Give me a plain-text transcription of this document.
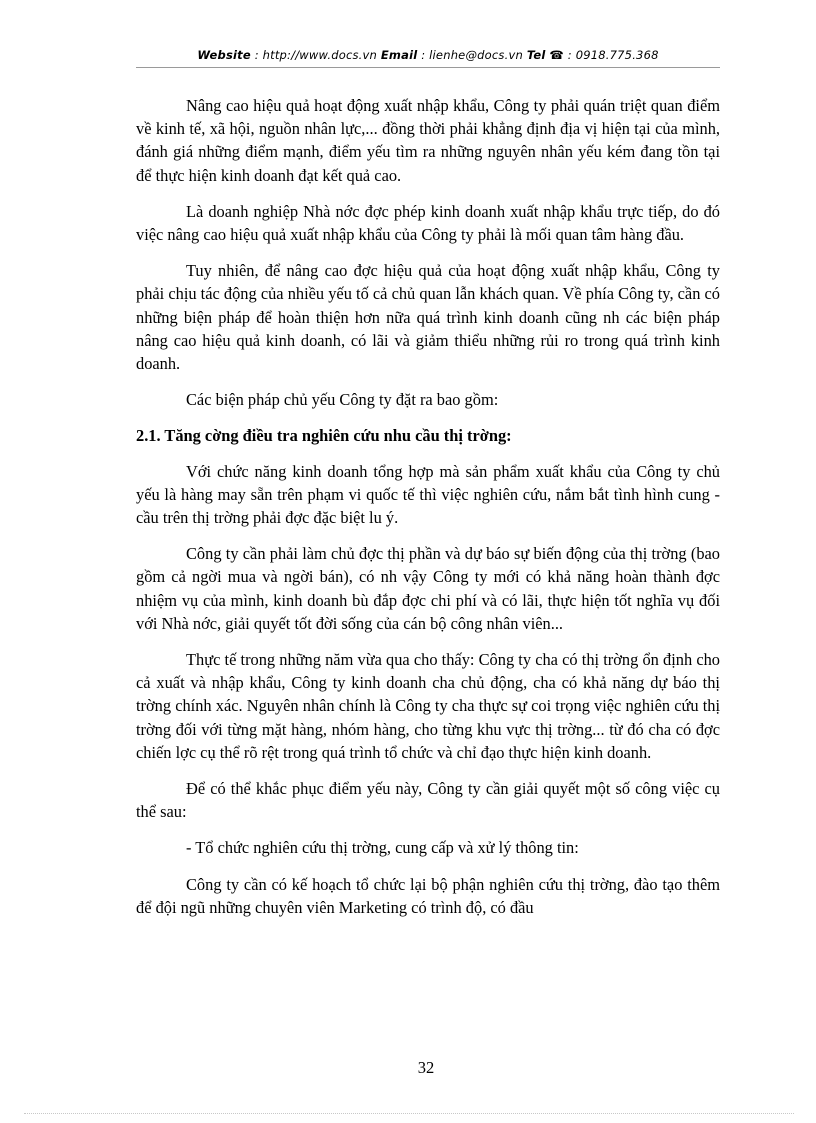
Website : http://www.docs.vn Email : lienhe@docs.vn Tel ☎ : 0918.775.368

Nâng cao hiệu quả hoạt động xuất nhập khẩu, Công ty phải quán triệt quan điểm về kinh tế, xã hội, nguồn nhân lực,... đồng thời phải khẳng định địa vị hiện tại của mình, đánh giá những điểm mạnh, điểm yếu tìm ra những nguyên nhân yếu kém đang tồn tại để thực hiện kinh doanh đạt kết quả cao.

Là doanh nghiệp Nhà nớc đợc phép kinh doanh xuất nhập khẩu trực tiếp, do đó việc nâng cao hiệu quả xuất nhập khẩu của Công ty phải là mối quan tâm hàng đầu.

Tuy nhiên, để nâng cao đợc hiệu quả của hoạt động xuất nhập khẩu, Công ty phải chịu tác động của nhiều yếu tố cả chủ quan lẫn khách quan. Về phía Công ty, cần có những biện pháp để hoàn thiện hơn nữa quá trình kinh doanh cũng nh các biện pháp nâng cao hiệu quả kinh doanh, có lãi và giảm thiểu những rủi ro trong quá trình kinh doanh.

Các biện pháp chủ yếu Công ty đặt ra bao gồm:

2.1. Tăng cờng điều tra nghiên cứu nhu cầu thị trờng:

Với chức năng kinh doanh tổng hợp mà sản phẩm xuất khẩu của Công ty chủ yếu là hàng may sẵn trên phạm vi quốc tế thì việc nghiên cứu, nắm bắt tình hình cung - cầu trên thị trờng phải đợc đặc biệt lu ý.

Công ty cần phải làm chủ đợc thị phần và dự báo sự biến động của thị trờng (bao gồm cả ngời mua và ngời bán), có nh vậy Công ty mới có khả năng hoàn thành đợc nhiệm vụ của mình, kinh doanh bù đắp đợc chi phí và có lãi, thực hiện tốt nghĩa vụ đối với Nhà nớc, giải quyết tốt đời sống của cán bộ công nhân viên...

Thực tế trong những năm vừa qua cho thấy: Công ty cha có thị trờng ổn định cho cả xuất và nhập khẩu, Công ty kinh doanh cha chủ động, cha có khả năng dự báo thị trờng chính xác. Nguyên nhân chính là Công ty cha thực sự coi trọng việc nghiên cứu thị trờng đối với từng mặt hàng, nhóm hàng, cho từng khu vực thị trờng... từ đó cha có đợc chiến lợc cụ thể rõ rệt trong quá trình tổ chức và chỉ đạo thực hiện kinh doanh.

Để có thể khắc phục điểm yếu này, Công ty cần giải quyết một số công việc cụ thể sau:

- Tổ chức nghiên cứu thị trờng, cung cấp và xử lý thông tin:

Công ty cần có kế hoạch tổ chức lại bộ phận nghiên cứu thị trờng, đào tạo thêm để đội ngũ những chuyên viên Marketing có trình độ, có đầu

32
